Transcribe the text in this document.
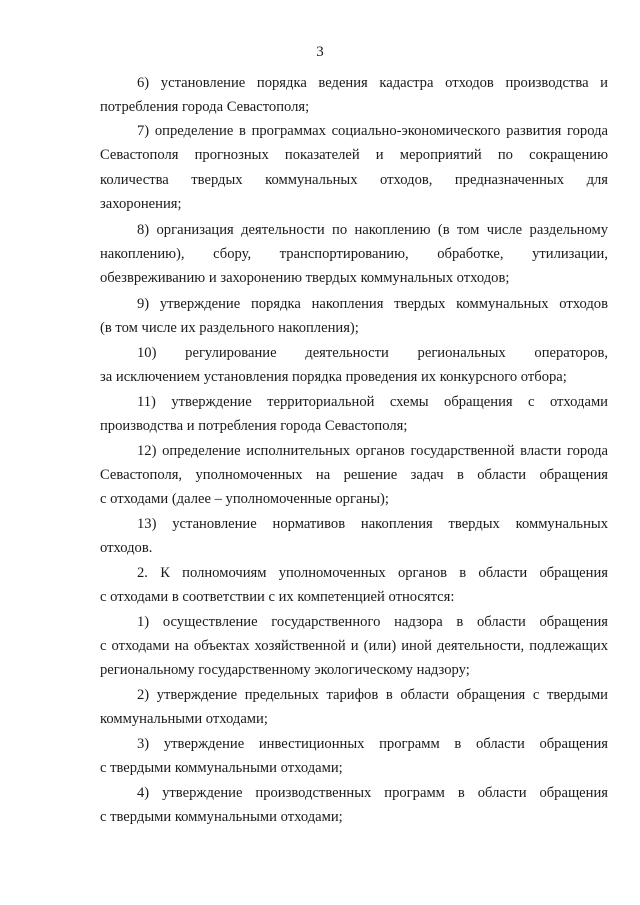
3
6) установление порядка ведения кадастра отходов производства и
потребления города Севастополя;
7) определение в программах социально-экономического развития города
Севастополя прогнозных показателей и мероприятий по сокращению
количества твердых коммунальных отходов, предназначенных для
захоронения;
8) организация деятельности по накоплению (в том числе раздельному
накоплению), сбору, транспортированию, обработке, утилизации,
обезвреживанию и захоронению твердых коммунальных отходов;
9) утверждение порядка накопления твердых коммунальных отходов
(в том числе их раздельного накопления);
10) регулирование деятельности региональных операторов,
за исключением установления порядка проведения их конкурсного отбора;
11) утверждение территориальной схемы обращения с отходами
производства и потребления города Севастополя;
12) определение исполнительных органов государственной власти города
Севастополя, уполномоченных на решение задач в области обращения
с отходами (далее – уполномоченные органы);
13) установление нормативов накопления твердых коммунальных
отходов.
2. К полномочиям уполномоченных органов в области обращения
с отходами в соответствии с их компетенцией относятся:
1) осуществление государственного надзора в области обращения
с отходами на объектах хозяйственной и (или) иной деятельности, подлежащих
региональному государственному экологическому надзору;
2) утверждение предельных тарифов в области обращения с твердыми
коммунальными отходами;
3) утверждение инвестиционных программ в области обращения
с твердыми коммунальными отходами;
4) утверждение производственных программ в области обращения
с твердыми коммунальными отходами;
